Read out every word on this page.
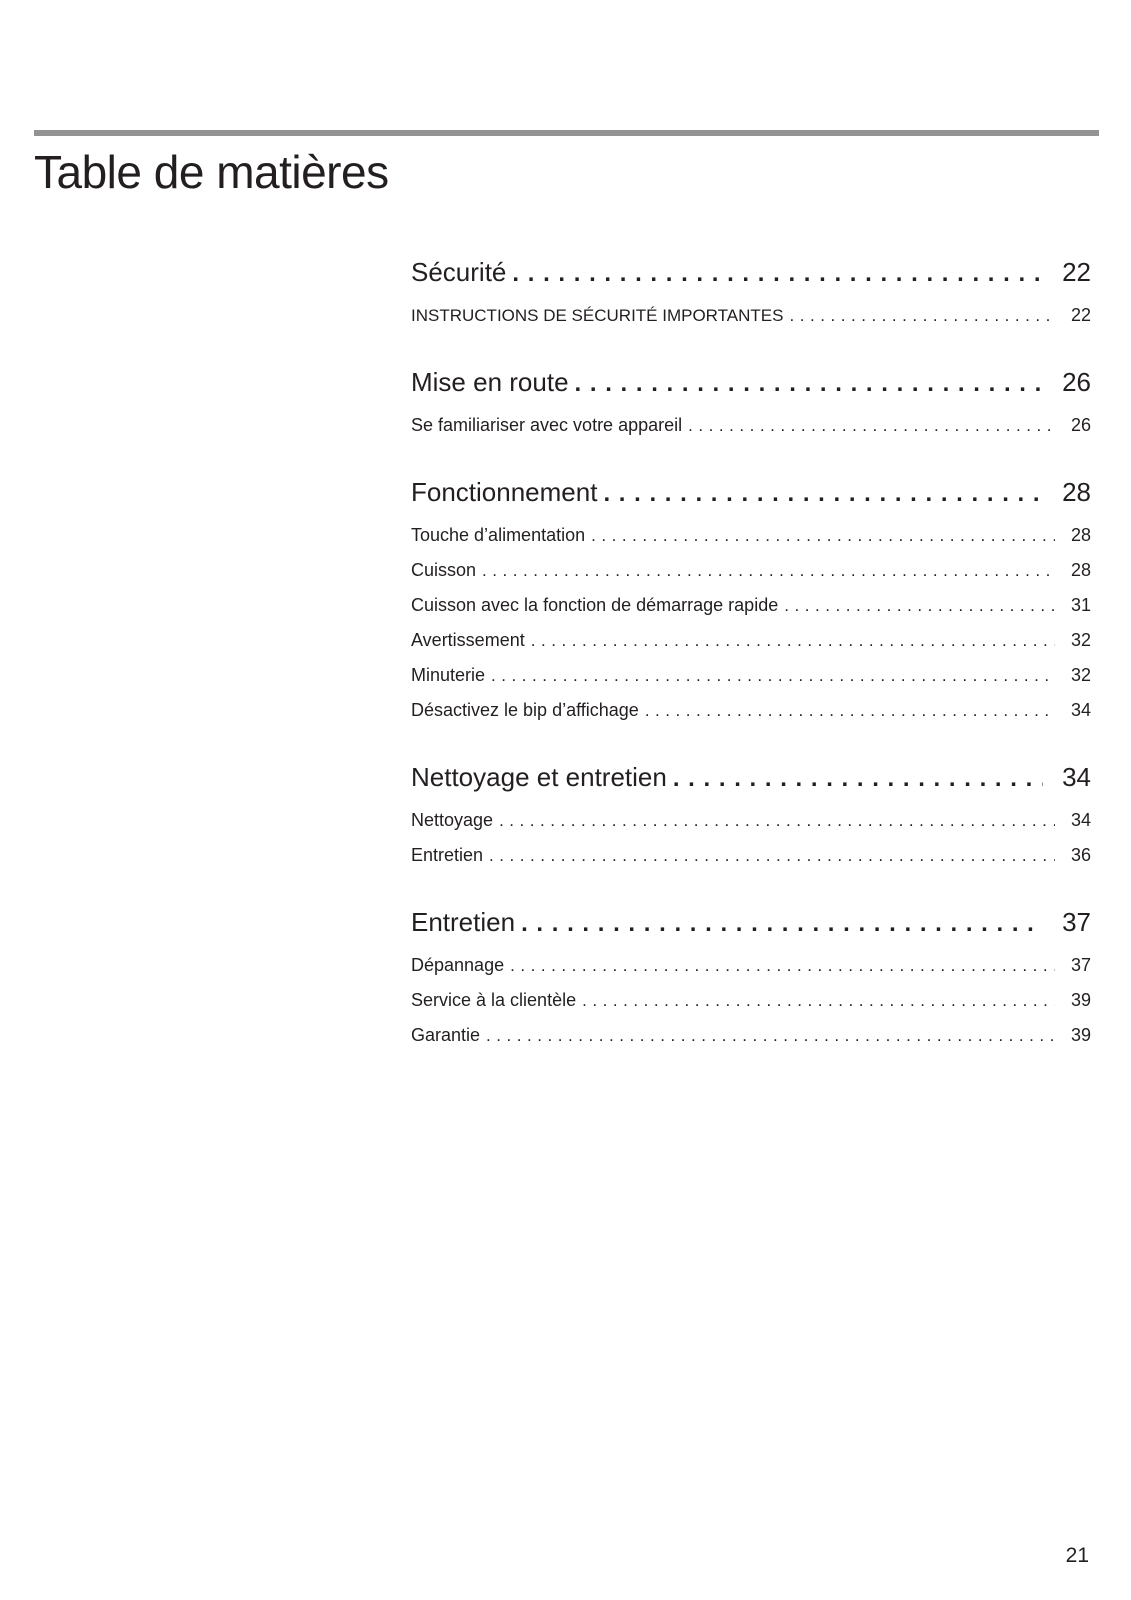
Table de matières
Sécurité . . .	22
INSTRUCTIONS DE SÉCURITÉ IMPORTANTES . . .	22
Mise en route . . .	26
Se familiariser avec votre appareil . . .	26
Fonctionnement . . .	28
Touche d’alimentation . . .	28
Cuisson . . .	28
Cuisson avec la fonction de démarrage rapide . . .	31
Avertissement . . .	32
Minuterie . . .	32
Désactivez le bip d’affichage . . .	34
Nettoyage et entretien . . .	34
Nettoyage . . .	34
Entretien . . .	36
Entretien . . .	37
Dépannage . . .	37
Service à la clientèle . . .	39
Garantie . . .	39
21
